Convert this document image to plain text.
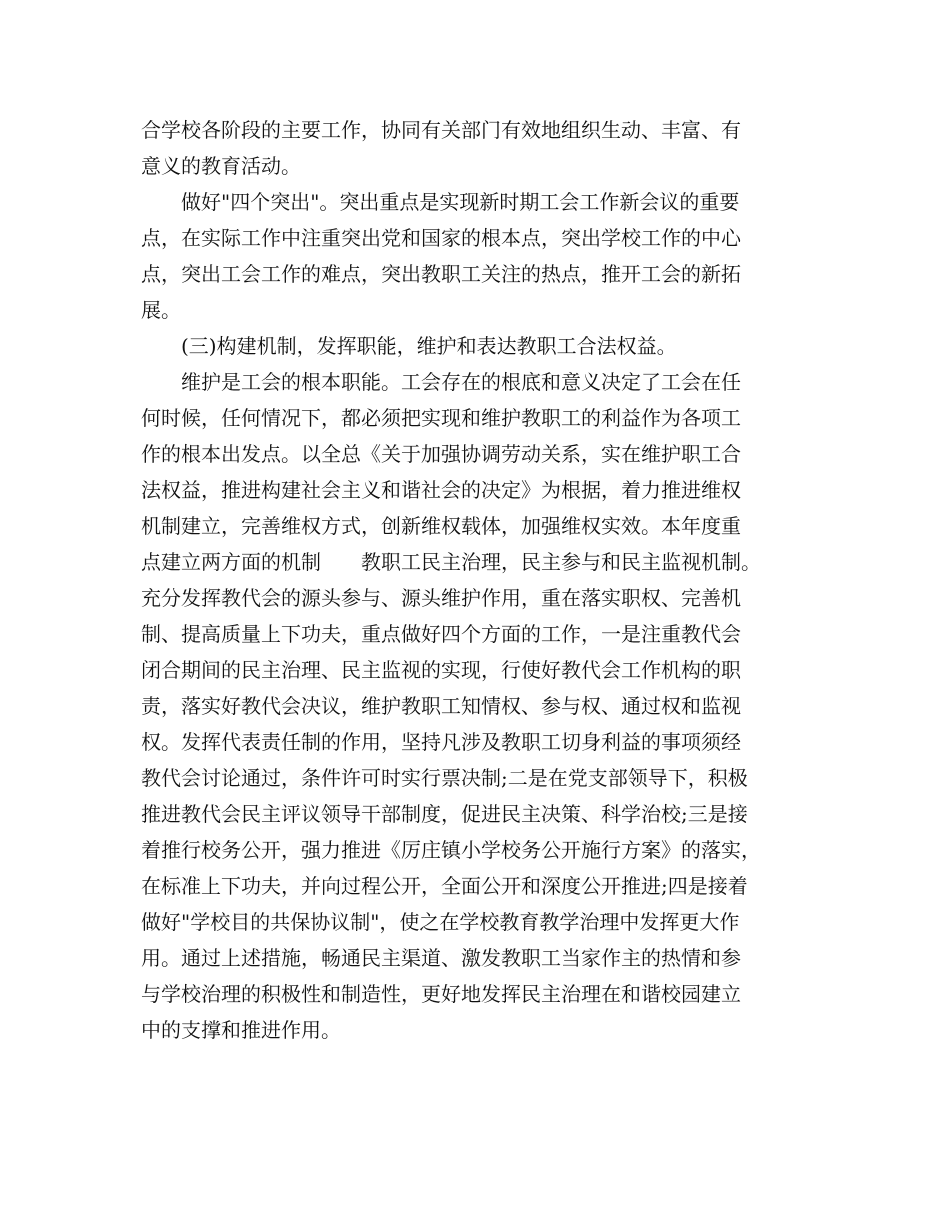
合学校各阶段的主要工作，协同有关部门有效地组织生动、丰富、有
意义的教育活动。
　　做好"四个突出"。突出重点是实现新时期工会工作新会议的重要
点，在实际工作中注重突出党和国家的根本点，突出学校工作的中心
点，突出工会工作的难点，突出教职工关注的热点，推开工会的新拓
展。
　　(三)构建机制，发挥职能，维护和表达教职工合法权益。
　　维护是工会的根本职能。工会存在的根底和意义决定了工会在任
何时候，任何情况下，都必须把实现和维护教职工的利益作为各项工
作的根本出发点。以全总《关于加强协调劳动关系，实在维护职工合
法权益，推进构建社会主义和谐社会的决定》为根据，着力推进维权
机制建立，完善维权方式，创新维权载体，加强维权实效。本年度重
点建立两方面的机制　　教职工民主治理，民主参与和民主监视机制。
充分发挥教代会的源头参与、源头维护作用，重在落实职权、完善机
制、提高质量上下功夫，重点做好四个方面的工作，一是注重教代会
闭合期间的民主治理、民主监视的实现，行使好教代会工作机构的职
责，落实好教代会决议，维护教职工知情权、参与权、通过权和监视
权。发挥代表责任制的作用，坚持凡涉及教职工切身利益的事项须经
教代会讨论通过，条件许可时实行票决制;二是在党支部领导下，积极
推进教代会民主评议领导干部制度，促进民主决策、科学治校;三是接
着推行校务公开，强力推进《厉庄镇小学校务公开施行方案》的落实，
在标准上下功夫，并向过程公开，全面公开和深度公开推进;四是接着
做好"学校目的共保协议制"，使之在学校教育教学治理中发挥更大作
用。通过上述措施，畅通民主渠道、激发教职工当家作主的热情和参
与学校治理的积极性和制造性，更好地发挥民主治理在和谐校园建立
中的支撑和推进作用。
